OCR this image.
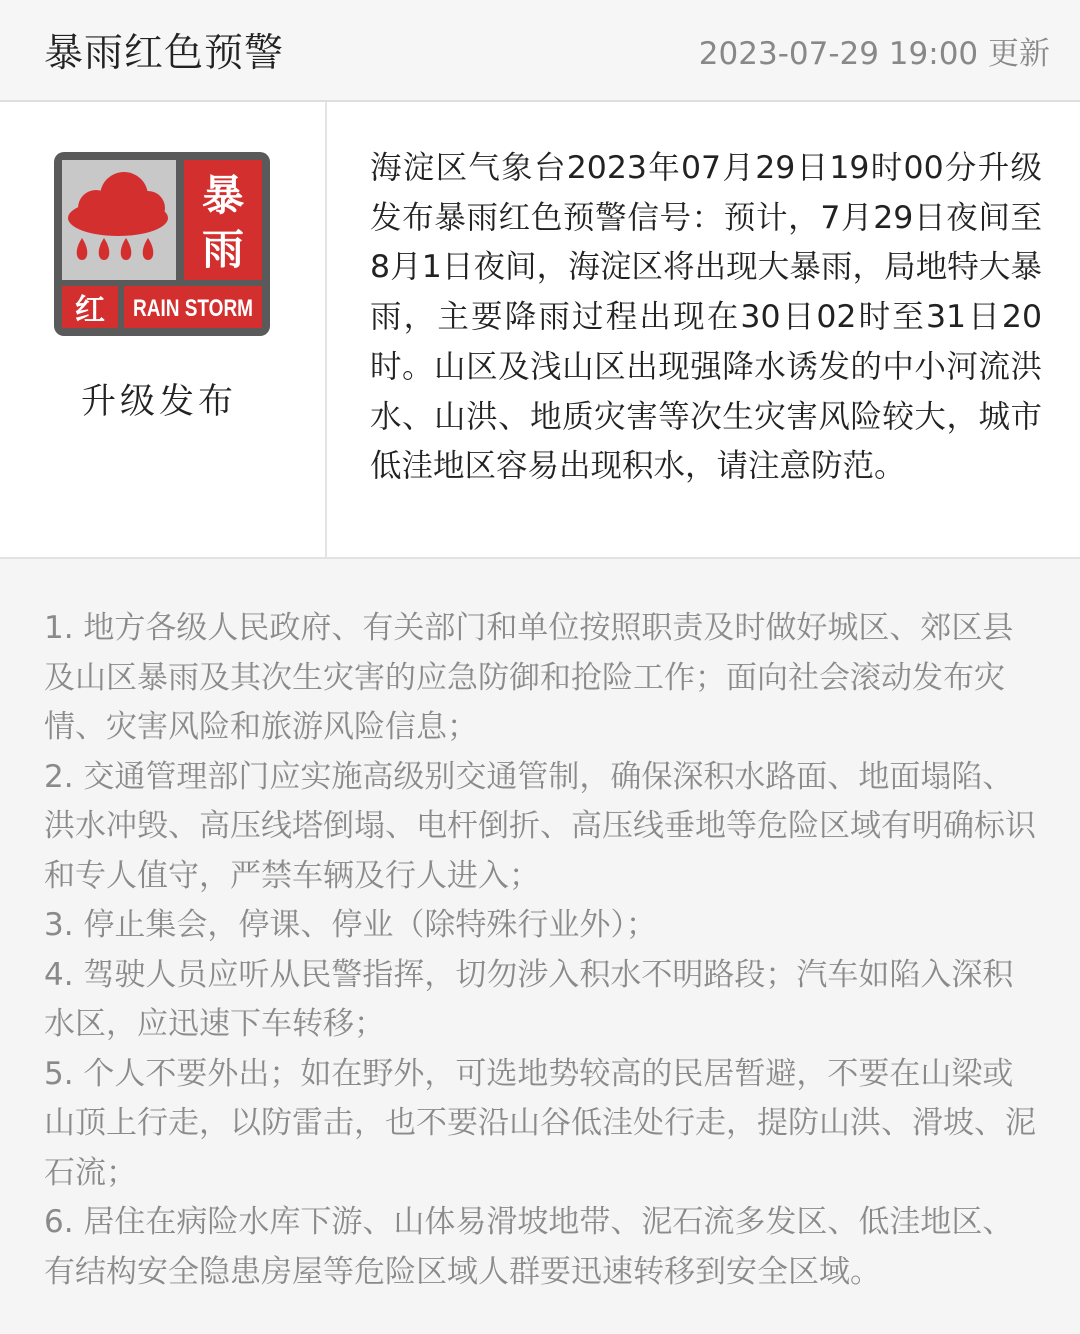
暴雨红色预警	2023-07-29 19:00 更新
暴
雨
红 RAIN STORM
升级发布
海淀区气象台2023年07月29日19时00分升级发布暴雨红色预警信号：预计，7月29日夜间至8月1日夜间，海淀区将出现大暴雨，局地特大暴雨，主要降雨过程出现在30日02时至31日20时。山区及浅山区出现强降水诱发的中小河流洪水、山洪、地质灾害等次生灾害风险较大，城市低洼地区容易出现积水，请注意防范。
1. 地方各级人民政府、有关部门和单位按照职责及时做好城区、郊区县及山区暴雨及其次生灾害的应急防御和抢险工作；面向社会滚动发布灾情、灾害风险和旅游风险信息；
2. 交通管理部门应实施高级别交通管制，确保深积水路面、地面塌陷、洪水冲毁、高压线塔倒塌、电杆倒折、高压线垂地等危险区域有明确标识和专人值守，严禁车辆及行人进入；
3. 停止集会，停课、停业（除特殊行业外）；
4. 驾驶人员应听从民警指挥，切勿涉入积水不明路段；汽车如陷入深积水区，应迅速下车转移；
5. 个人不要外出；如在野外，可选地势较高的民居暂避，不要在山梁或山顶上行走，以防雷击，也不要沿山谷低洼处行走，提防山洪、滑坡、泥石流；
6. 居住在病险水库下游、山体易滑坡地带、泥石流多发区、低洼地区、有结构安全隐患房屋等危险区域人群要迅速转移到安全区域。
